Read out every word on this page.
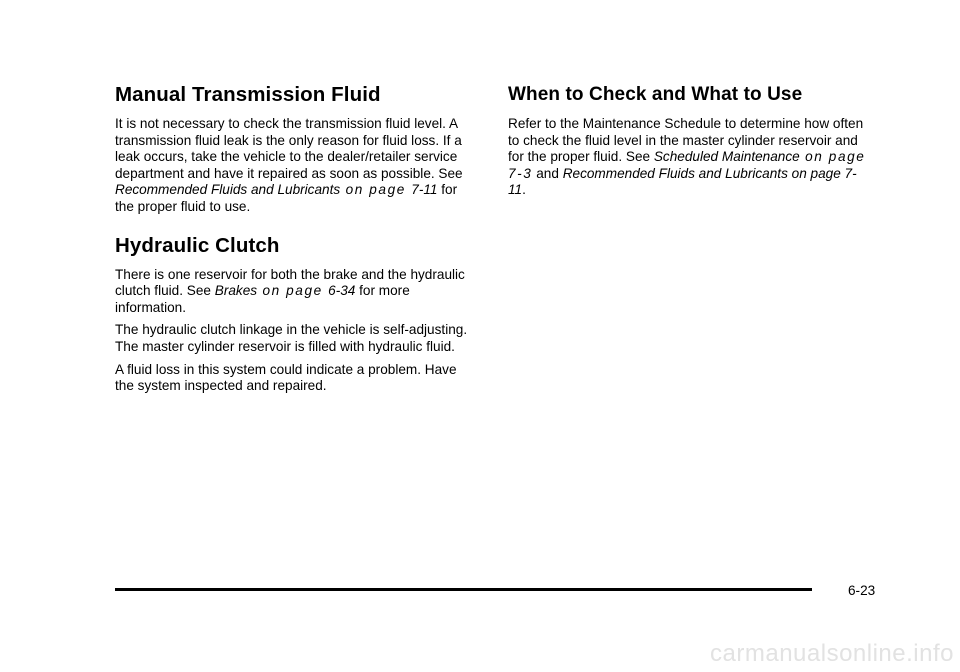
Manual Transmission Fluid

It is not necessary to check the transmission fluid level. A transmission fluid leak is the only reason for fluid loss. If a leak occurs, take the vehicle to the dealer/retailer service department and have it repaired as soon as possible. See Recommended Fluids and Lubricants on page 7-11 for the proper fluid to use.

Hydraulic Clutch

There is one reservoir for both the brake and the hydraulic clutch fluid. See Brakes on page 6-34 for more information.

The hydraulic clutch linkage in the vehicle is self-adjusting. The master cylinder reservoir is filled with hydraulic fluid.

A fluid loss in this system could indicate a problem. Have the system inspected and repaired.

When to Check and What to Use

Refer to the Maintenance Schedule to determine how often to check the fluid level in the master cylinder reservoir and for the proper fluid. See Scheduled Maintenance on page 7-3 and Recommended Fluids and Lubricants on page 7-11.

6-23
carmanualsonline.info
